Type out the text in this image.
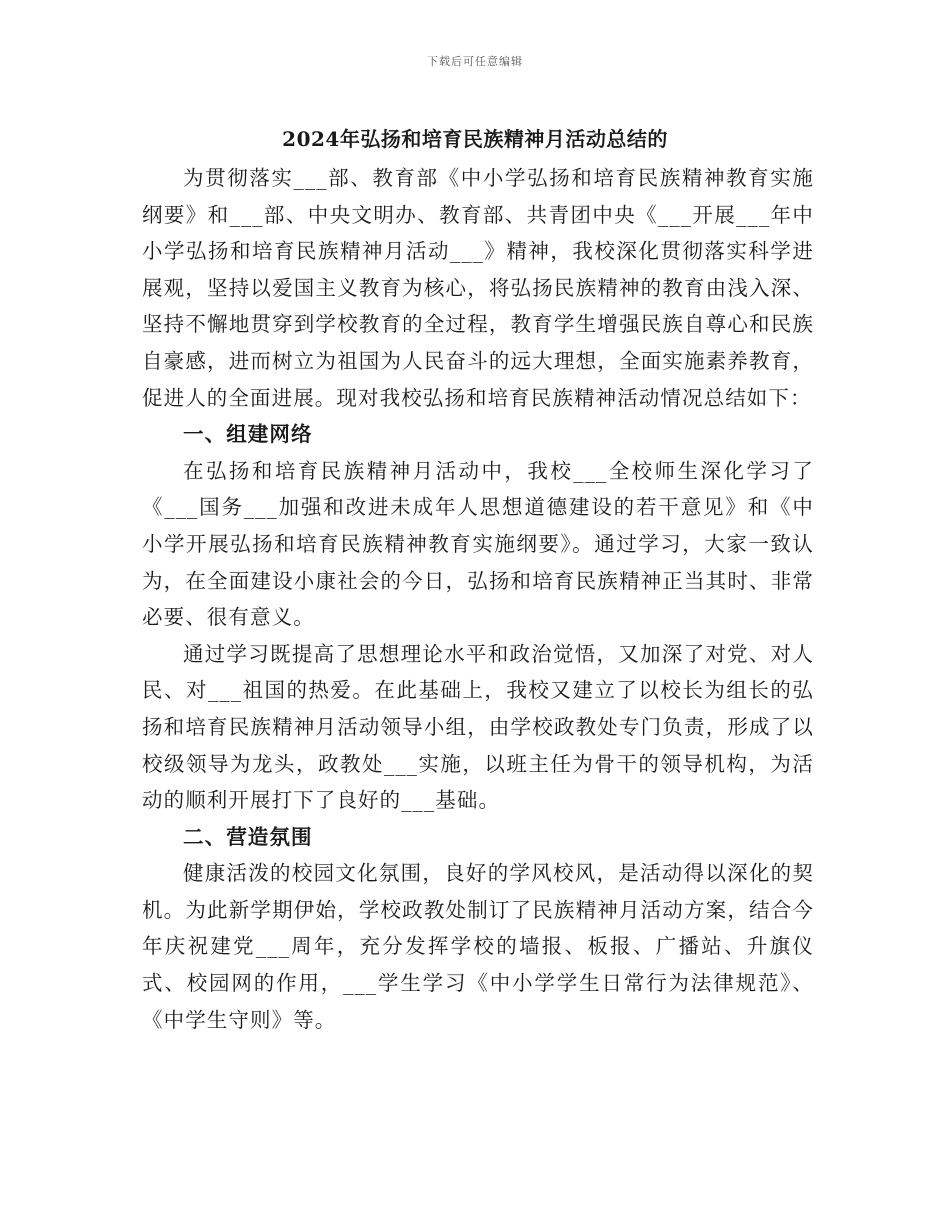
下载后可任意编辑
2024年弘扬和培育民族精神月活动总结的

为贯彻落实___部、教育部《中小学弘扬和培育民族精神教育实施纲要》和___部、中央文明办、教育部、共青团中央《___开展___年中小学弘扬和培育民族精神月活动___》精神，我校深化贯彻落实科学进展观，坚持以爱国主义教育为核心，将弘扬民族精神的教育由浅入深、坚持不懈地贯穿到学校教育的全过程，教育学生增强民族自尊心和民族自豪感，进而树立为祖国为人民奋斗的远大理想，全面实施素养教育，促进人的全面进展。现对我校弘扬和培育民族精神活动情况总结如下：

一、组建网络

在弘扬和培育民族精神月活动中，我校___全校师生深化学习了《___国务___加强和改进未成年人思想道德建设的若干意见》和《中小学开展弘扬和培育民族精神教育实施纲要》。通过学习，大家一致认为，在全面建设小康社会的今日，弘扬和培育民族精神正当其时、非常必要、很有意义。

通过学习既提高了思想理论水平和政治觉悟，又加深了对党、对人民、对___祖国的热爱。在此基础上，我校又建立了以校长为组长的弘扬和培育民族精神月活动领导小组，由学校政教处专门负责，形成了以校级领导为龙头，政教处___实施，以班主任为骨干的领导机构，为活动的顺利开展打下了良好的___基础。

二、营造氛围

健康活泼的校园文化氛围，良好的学风校风，是活动得以深化的契机。为此新学期伊始，学校政教处制订了民族精神月活动方案，结合今年庆祝建党___周年，充分发挥学校的墙报、板报、广播站、升旗仪式、校园网的作用，___学生学习《中小学学生日常行为法律规范》、《中学生守则》等。
